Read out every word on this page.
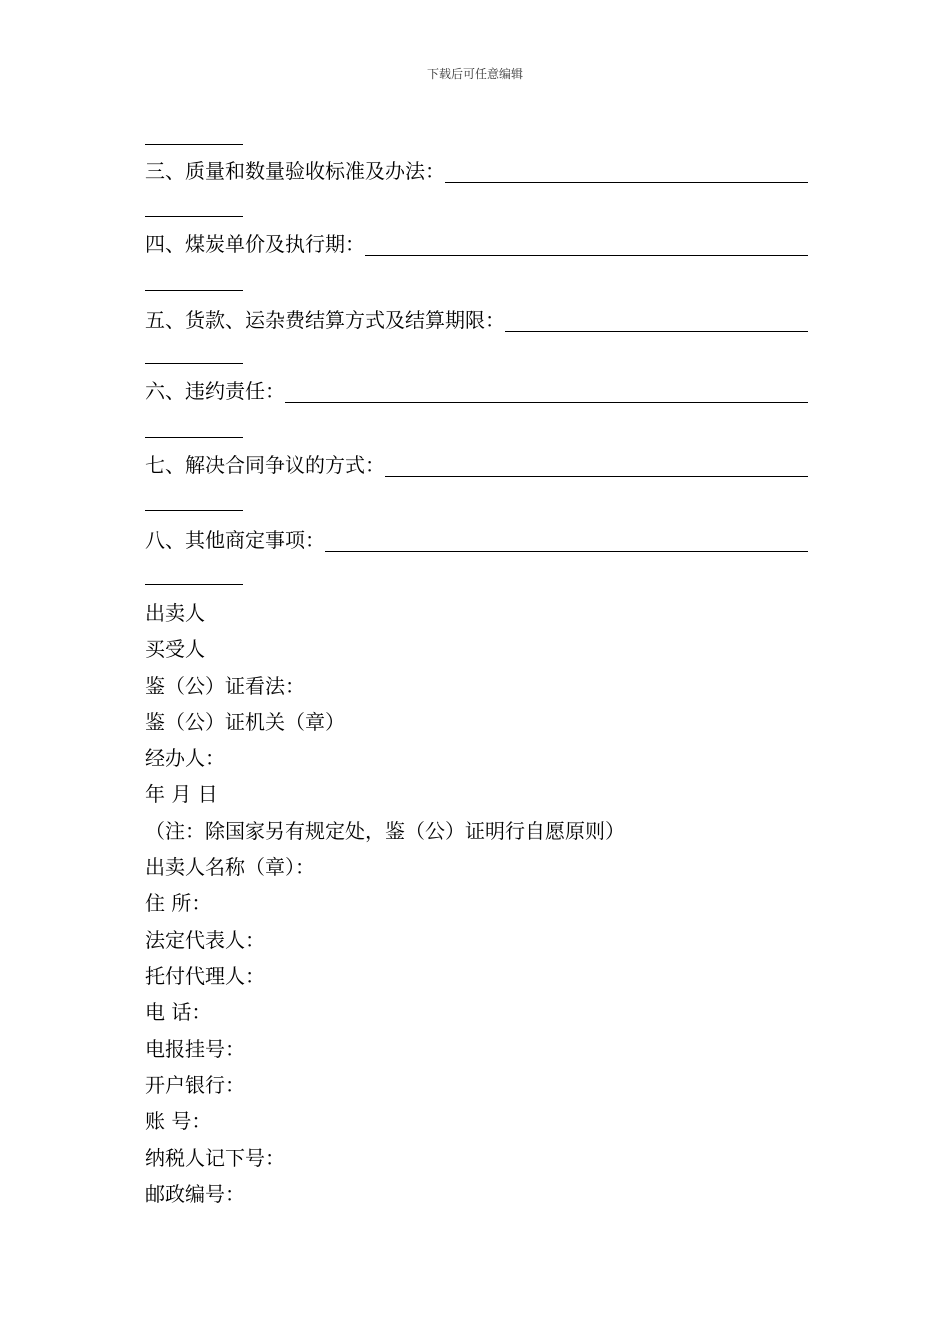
下载后可任意编辑
三、质量和数量验收标准及办法：
四、煤炭单价及执行期：
五、货款、运杂费结算方式及结算期限：
六、违约责任：
七、解决合同争议的方式：
八、其他商定事项：
出卖人
买受人
鉴（公）证看法：
鉴（公）证机关（章）
经办人：
年 月 日
（注：除国家另有规定处，鉴（公）证明行自愿原则）
出卖人名称（章）：
住 所：
法定代表人：
托付代理人：
电 话：
电报挂号：
开户银行：
账 号：
纳税人记下号：
邮政编号：
